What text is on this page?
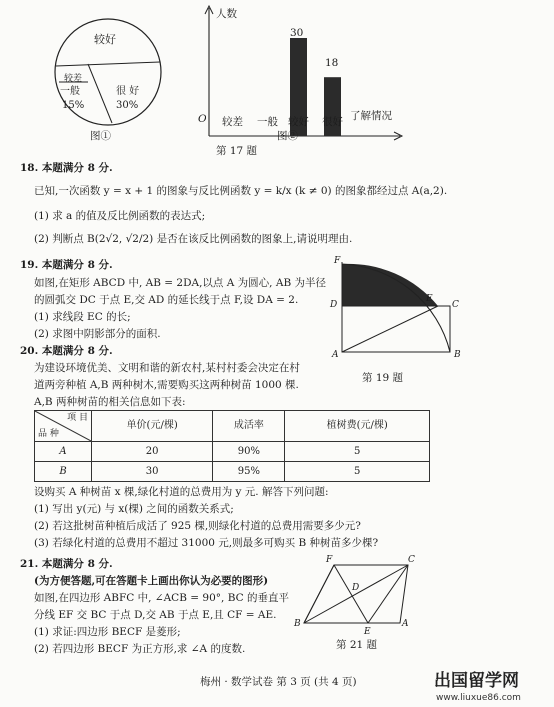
较好
较差
一般
15%
很 好
30%
图①
人数
了解情况
O
30
18
较差 一般 较好 很好
图②
第 17 题
18. 本题满分 8 分.
已知,一次函数 y = x + 1 的图象与反比例函数 y = k/x (k ≠ 0) 的图象都经过点 A(a,2).
(1) 求 a 的值及反比例函数的表达式;
(2) 判断点 B(2√2, √2/2) 是否在该反比例函数的图象上,请说明理由.
19. 本题满分 8 分.
如图,在矩形 ABCD 中, AB = 2DA,以点 A 为圆心, AB 为半径
的圆弧交 DC 于点 E,交 AD 的延长线于点 F,设 DA = 2.
(1) 求线段 EC 的长;
(2) 求图中阴影部分的面积.
F
D
E
C
A	B
第 19 题
20. 本题满分 8 分.
为建设环境优美、文明和谐的新农村,某村村委会决定在村
道两旁种植 A,B 两种树木,需要购买这两种树苗 1000 棵.
A,B 两种树苗的相关信息如下表:
项 目
品 种	单价(元/棵)	成活率	植树费(元/棵)
A	20	90%	5
B	30	95%	5
设购买 A 种树苗 x 棵,绿化村道的总费用为 y 元. 解答下列问题:
(1) 写出 y(元) 与 x(棵) 之间的函数关系式;
(2) 若这批树苗种植后成活了 925 棵,则绿化村道的总费用需要多少元?
(3) 若绿化村道的总费用不超过 31000 元,则最多可购买 B 种树苗多少棵?
21. 本题满分 8 分.
(为方便答题,可在答题卡上画出你认为必要的图形)
如图,在四边形 ABFC 中, ∠ACB = 90°, BC 的垂直平
分线 EF 交 BC 于点 D,交 AB 于点 E,且 CF = AE.
(1) 求证:四边形 BECF 是菱形;
(2) 若四边形 BECF 为正方形,求 ∠A 的度数.
F	C
D
B
E
A
第 21 题
梅州 · 数学试卷 第 3 页 (共 4 页)	出国留学网
www.liuxue86.com
